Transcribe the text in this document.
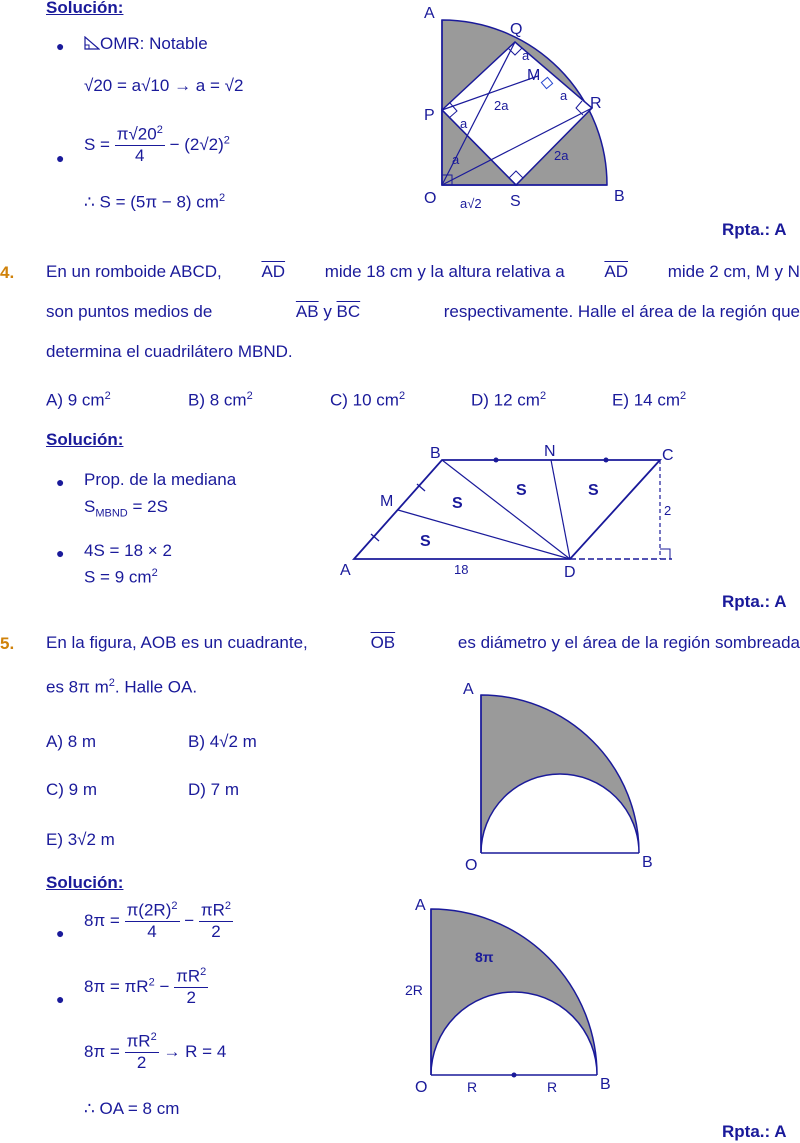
Solución:
●	OMR: Notable
√20 = a√10 → a = √2
●
$S = \frac{\pi√20^2}{4} - (2√2)^2$
∴ S = (5π − 8) $cm^2$
A
Q
M
R
P
O	S	B
a
a
a
a
2a
2a
a√2
Rpta.: A
4. En un romboide ABCD, $\overline{AD}$ mide 18 cm y la altura relativa a $\overline{AD}$ mide 2 cm, M y N
son puntos medios de	$\overline{AB}$ y $\overline{BC}$	respectivamente. Halle el área de la región que
determina el cuadrilátero MBND.
A) 9 $cm^2$	B) 8 $cm^2$	C) 10 $cm^2$	D) 12 $cm^2$	E) 14 $cm^2$
Solución:
● Prop. de la mediana
$S_{MBND} = 2S$
● 4S = 18 × 2
S = 9 $cm^2$	A
B	C
D
M
N
S
S	S
S
2
18
Rpta.: A
5. En la figura, AOB es un cuadrante,	$\overline{OB}$	es diámetro y el área de la región sombreada
es 8π $m^2$. Halle OA.
A) 8 m	B) 4√2 m
C) 9 m	D) 7 m
E) 3√2 m
A
O	B
Solución:
●
$8\pi = \frac{\pi(2R)^2}{4} - \frac{\pi R^2}{2}$
●
$8\pi = \pi R^2 - \frac{\pi R^2}{2}$
$8\pi = \frac{\pi R^2}{2} \to R = 4$
∴ OA = 8 cm
A
O	B
8π
2R
R	R
Rpta.: A
